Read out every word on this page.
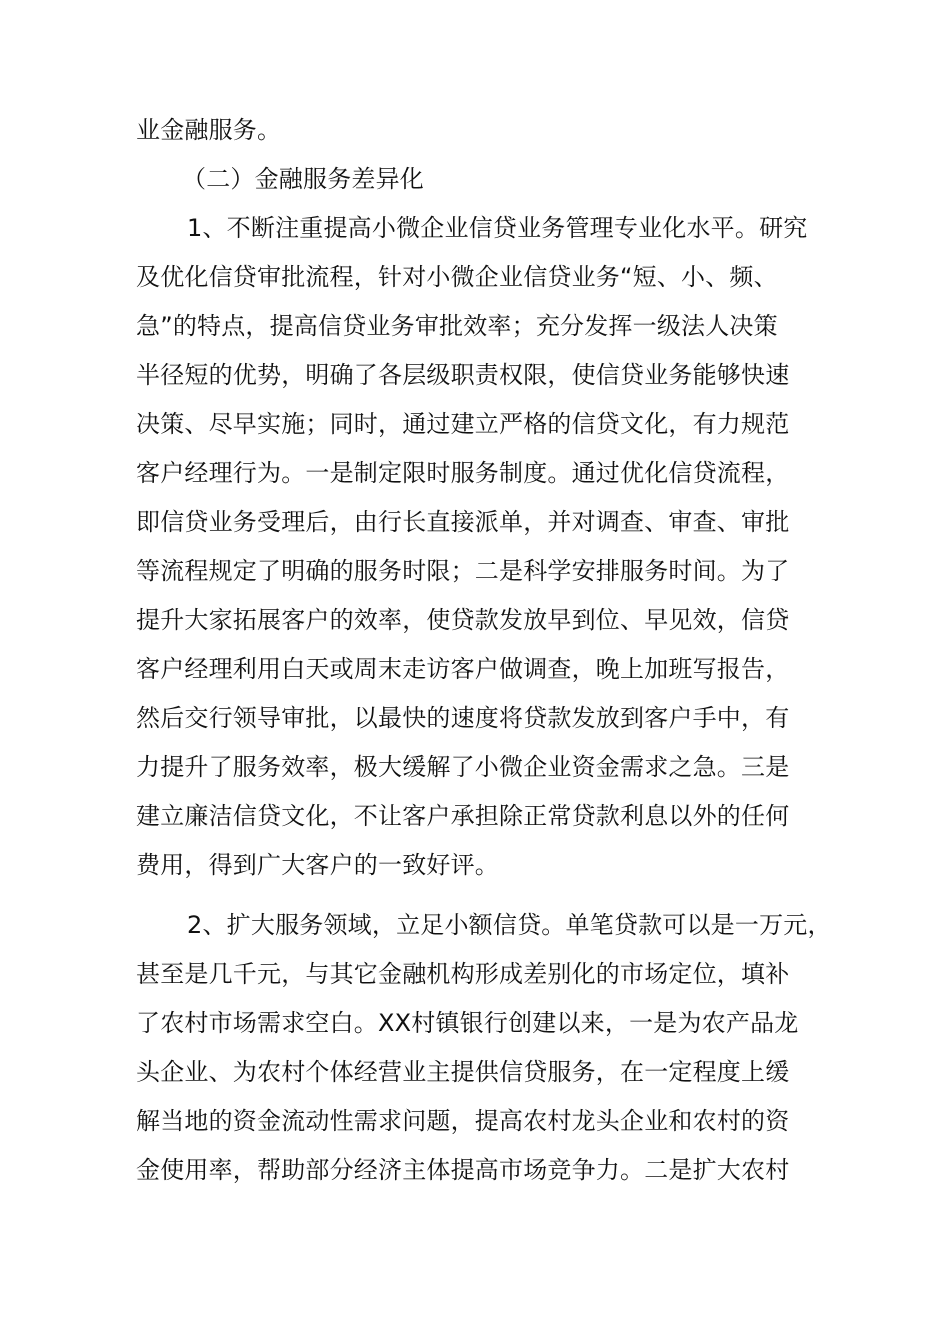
业金融服务。
（二）金融服务差异化
1、不断注重提高小微企业信贷业务管理专业化水平。研究
及优化信贷审批流程，针对小微企业信贷业务“短、小、频、
急”的特点，提高信贷业务审批效率；充分发挥一级法人决策
半径短的优势，明确了各层级职责权限，使信贷业务能够快速
决策、尽早实施；同时，通过建立严格的信贷文化，有力规范
客户经理行为。一是制定限时服务制度。通过优化信贷流程，
即信贷业务受理后，由行长直接派单，并对调查、审查、审批
等流程规定了明确的服务时限；二是科学安排服务时间。为了
提升大家拓展客户的效率，使贷款发放早到位、早见效，信贷
客户经理利用白天或周末走访客户做调查，晚上加班写报告，
然后交行领导审批，以最快的速度将贷款发放到客户手中，有
力提升了服务效率，极大缓解了小微企业资金需求之急。三是
建立廉洁信贷文化，不让客户承担除正常贷款利息以外的任何
费用，得到广大客户的一致好评。
2、扩大服务领域，立足小额信贷。单笔贷款可以是一万元，
甚至是几千元，与其它金融机构形成差别化的市场定位，填补
了农村市场需求空白。XX村镇银行创建以来，一是为农产品龙
头企业、为农村个体经营业主提供信贷服务，在一定程度上缓
解当地的资金流动性需求问题，提高农村龙头企业和农村的资
金使用率，帮助部分经济主体提高市场竞争力。二是扩大农村
